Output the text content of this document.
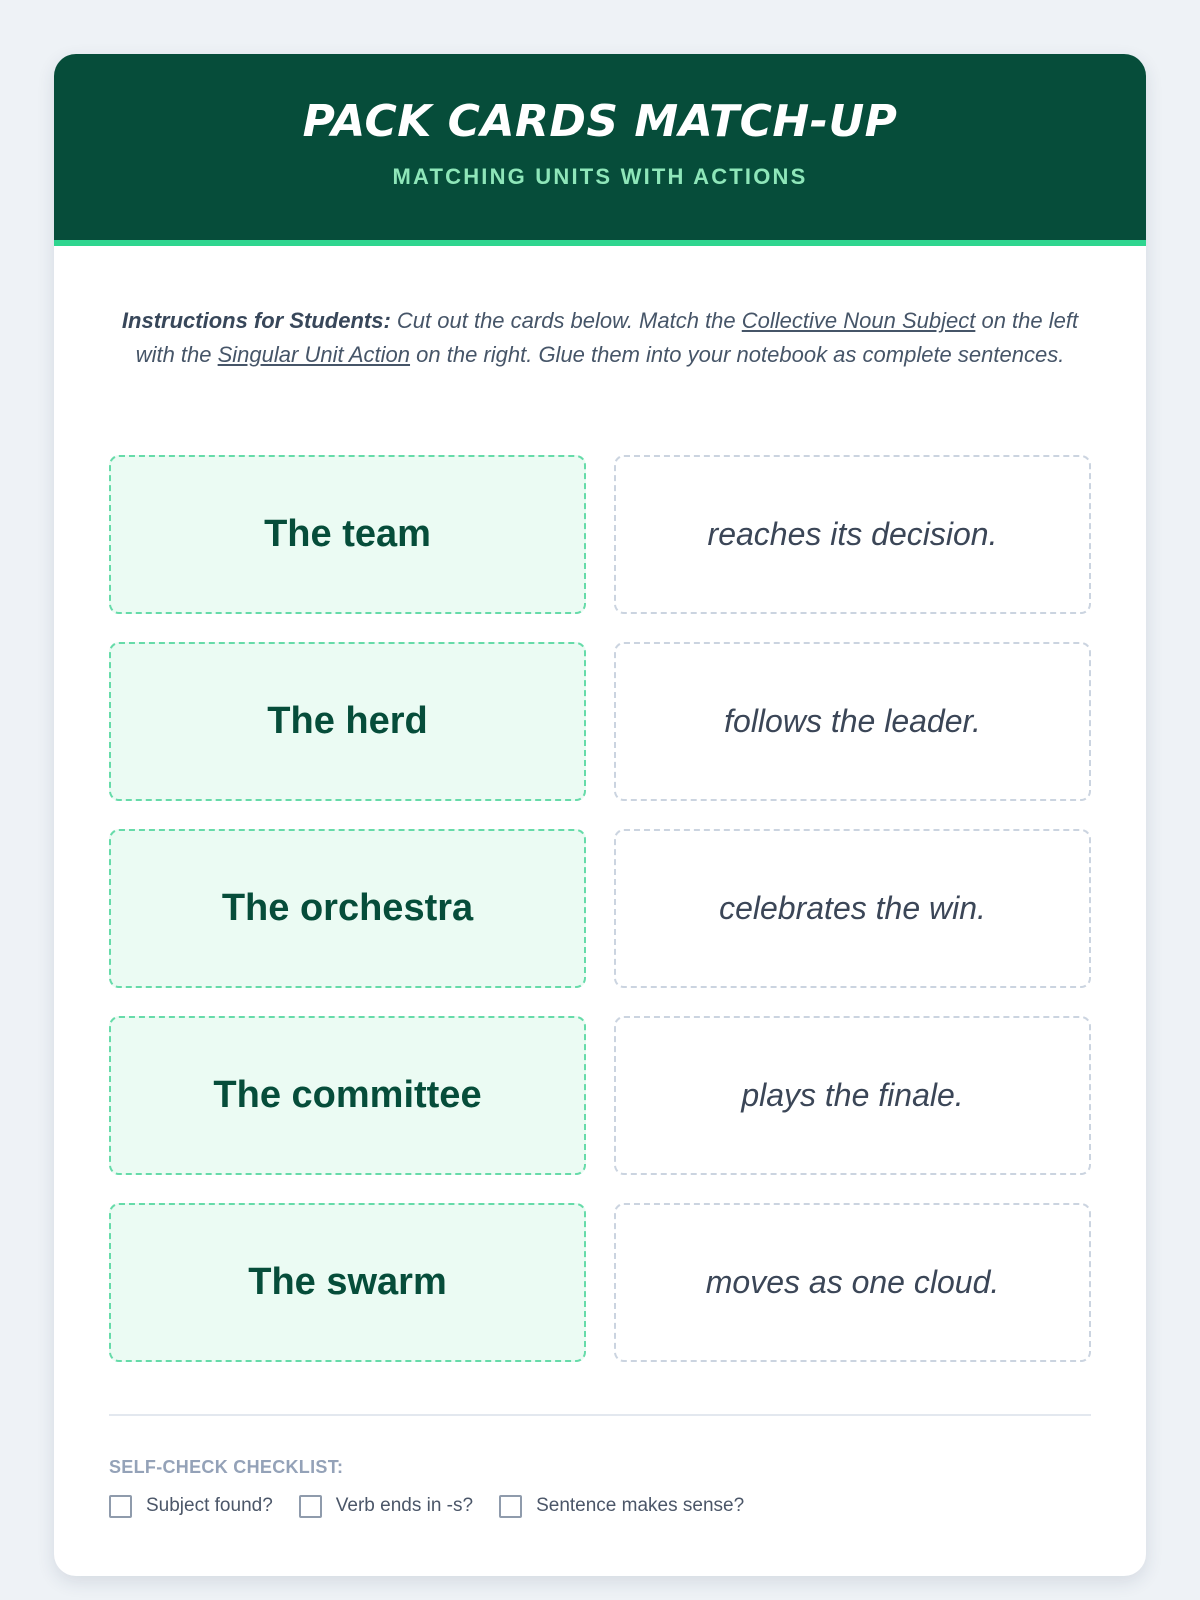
PACK CARDS MATCH-UP
MATCHING UNITS WITH ACTIONS

Instructions for Students: Cut out the cards below. Match the Collective Noun Subject on the left with the Singular Unit Action on the right. Glue them into your notebook as complete sentences.

The team	reaches its decision.
The herd	follows the leader.
The orchestra	celebrates the win.
The committee	plays the finale.
The swarm	moves as one cloud.
SELF-CHECK CHECKLIST:
Subject found?	Verb ends in -s?	Sentence makes sense?
